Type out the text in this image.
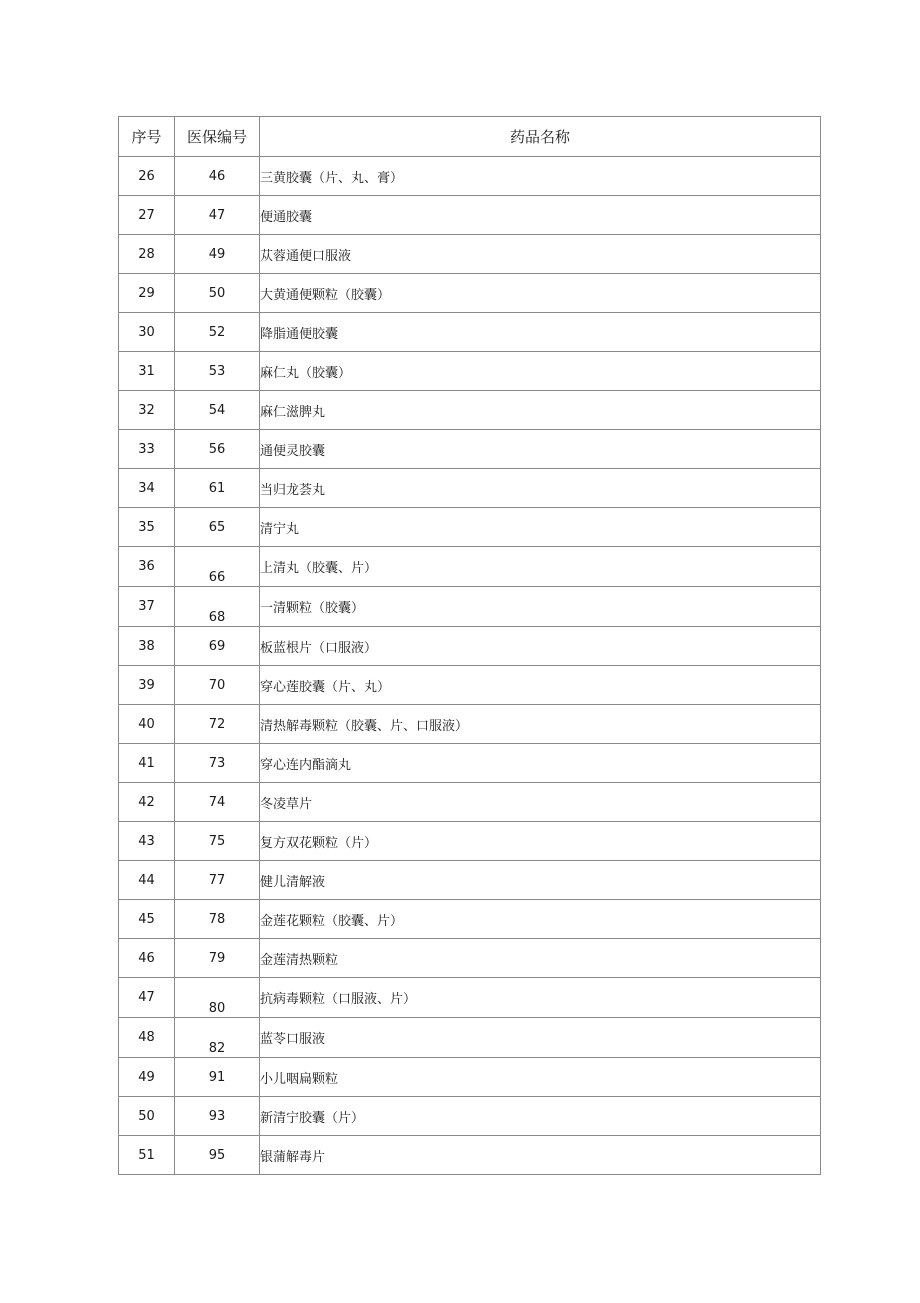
序号	医保编号	药品名称
26	46	三黄胶囊（片、丸、膏）
27	47	便通胶囊
28	49	苁蓉通便口服液
29	50	大黄通便颗粒（胶囊）
30	52	降脂通便胶囊
31	53	麻仁丸（胶囊）
32	54	麻仁滋脾丸
33	56	通便灵胶囊
34	61	当归龙荟丸
35	65	清宁丸
36	66	上清丸（胶囊、片）
37	68	一清颗粒（胶囊）
38	69	板蓝根片（口服液）
39	70	穿心莲胶囊（片、丸）
40	72	清热解毒颗粒（胶囊、片、口服液）
41	73	穿心连内酯滴丸
42	74	冬凌草片
43	75	复方双花颗粒（片）
44	77	健儿清解液
45	78	金莲花颗粒（胶囊、片）
46	79	金莲清热颗粒
47	80	抗病毒颗粒（口服液、片）
48	82	蓝苓口服液
49	91	小儿咽扁颗粒
50	93	新清宁胶囊（片）
51	95	银蒲解毒片
